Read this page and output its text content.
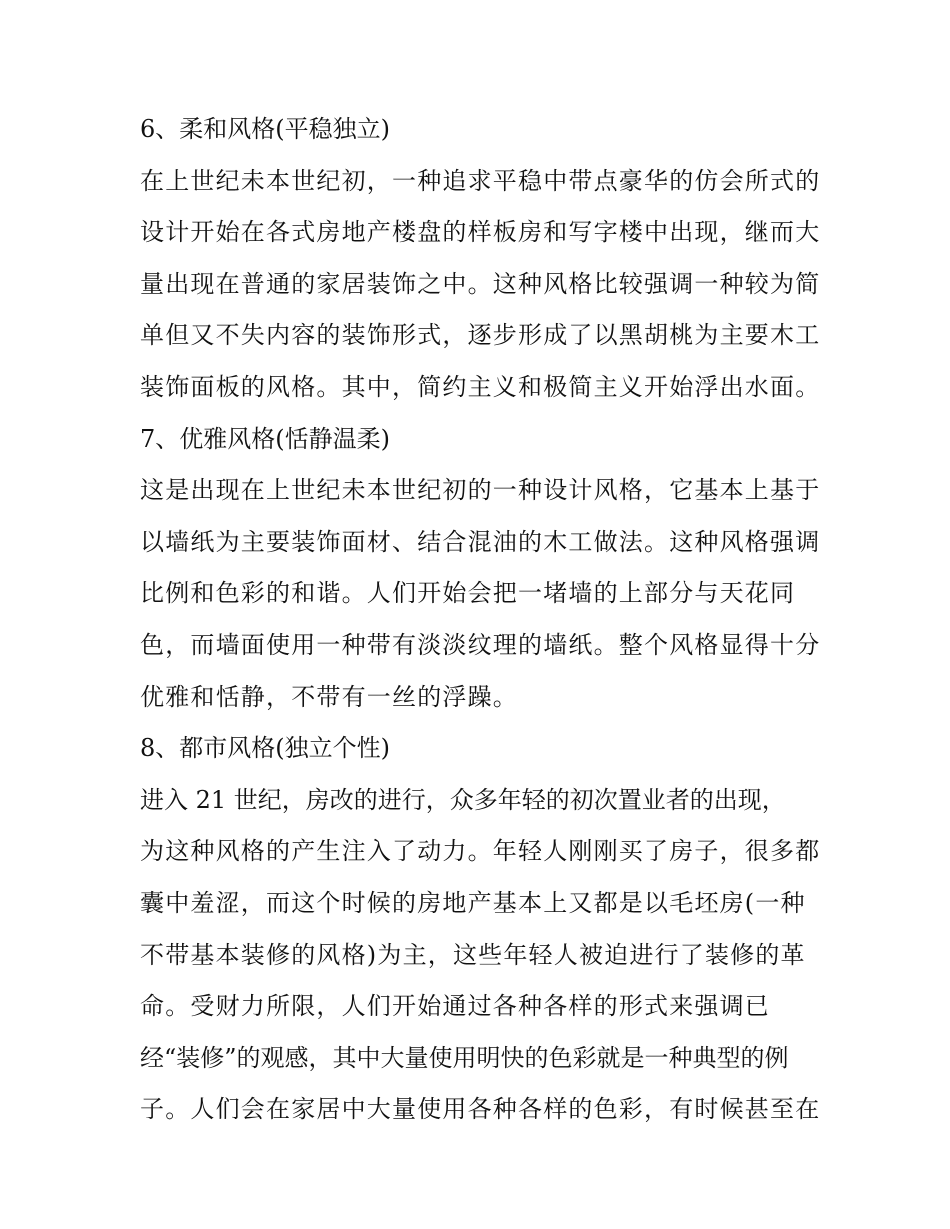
6、柔和风格(平稳独立)
在上世纪未本世纪初，一种追求平稳中带点豪华的仿会所式的
设计开始在各式房地产楼盘的样板房和写字楼中出现，继而大
量出现在普通的家居装饰之中。这种风格比较强调一种较为简
单但又不失内容的装饰形式，逐步形成了以黑胡桃为主要木工
装饰面板的风格。其中，简约主义和极简主义开始浮出水面。
7、优雅风格(恬静温柔)
这是出现在上世纪未本世纪初的一种设计风格，它基本上基于
以墙纸为主要装饰面材、结合混油的木工做法。这种风格强调
比例和色彩的和谐。人们开始会把一堵墙的上部分与天花同
色，而墙面使用一种带有淡淡纹理的墙纸。整个风格显得十分
优雅和恬静，不带有一丝的浮躁。
8、都市风格(独立个性)
进入 21 世纪，房改的进行，众多年轻的初次置业者的出现，
为这种风格的产生注入了动力。年轻人刚刚买了房子，很多都
囊中羞涩，而这个时候的房地产基本上又都是以毛坯房(一种
不带基本装修的风格)为主，这些年轻人被迫进行了装修的革
命。受财力所限，人们开始通过各种各样的形式来强调已
经“装修”的观感，其中大量使用明快的色彩就是一种典型的例
子。人们会在家居中大量使用各种各样的色彩，有时候甚至在
